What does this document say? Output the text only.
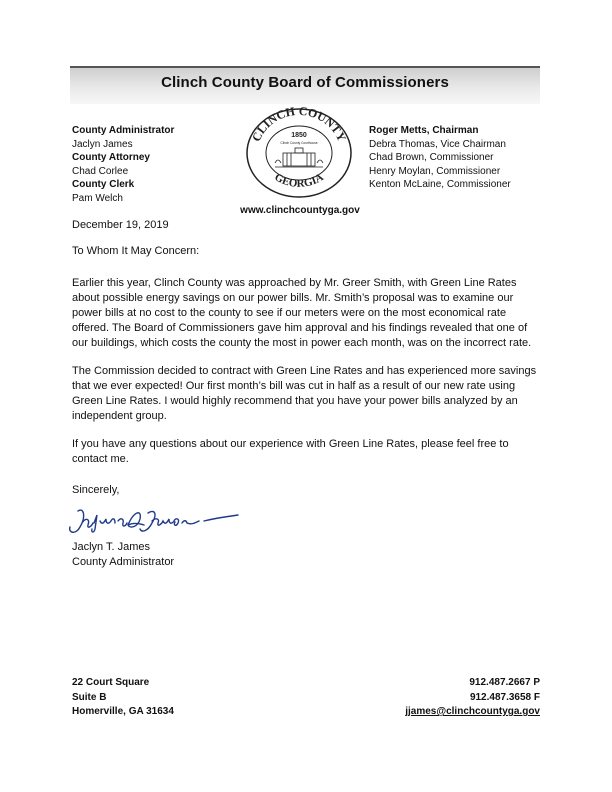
Clinch County Board of Commissioners
County Administrator
Jaclyn James
County Attorney
Chad Corlee
County Clerk
Pam Welch
CLINCH COUNTY
GEORGIA
1850
Clinch County Courthouse
www.clinchcountyga.gov
December 19, 2019
To Whom It May Concern:

Earlier this year, Clinch County was approached by Mr. Greer Smith, with Green Line Rates about possible energy savings on our power bills. Mr. Smith’s proposal was to examine our power bills at no cost to the county to see if our meters were on the most economical rate offered. The Board of Commissioners gave him approval and his findings revealed that one of our buildings, which costs the county the most in power each month, was on the incorrect rate.

The Commission decided to contract with Green Line Rates and has experienced more savings that we ever expected! Our first month’s bill was cut in half as a result of our new rate using Green Line Rates. I would highly recommend that you have your power bills analyzed by an independent group.

If you have any questions about our experience with Green Line Rates, please feel free to contact me.

Sincerely,
Jaclyn T. James
County Administrator
22 Court Square
Suite B
Homerville, GA 31634
912.487.2667 P
912.487.3658 F
jjames@clinchcountyga.gov
Roger Metts, Chairman
Debra Thomas, Vice Chairman
Chad Brown, Commissioner
Henry Moylan, Commissioner
Kenton McLaine, Commissioner
